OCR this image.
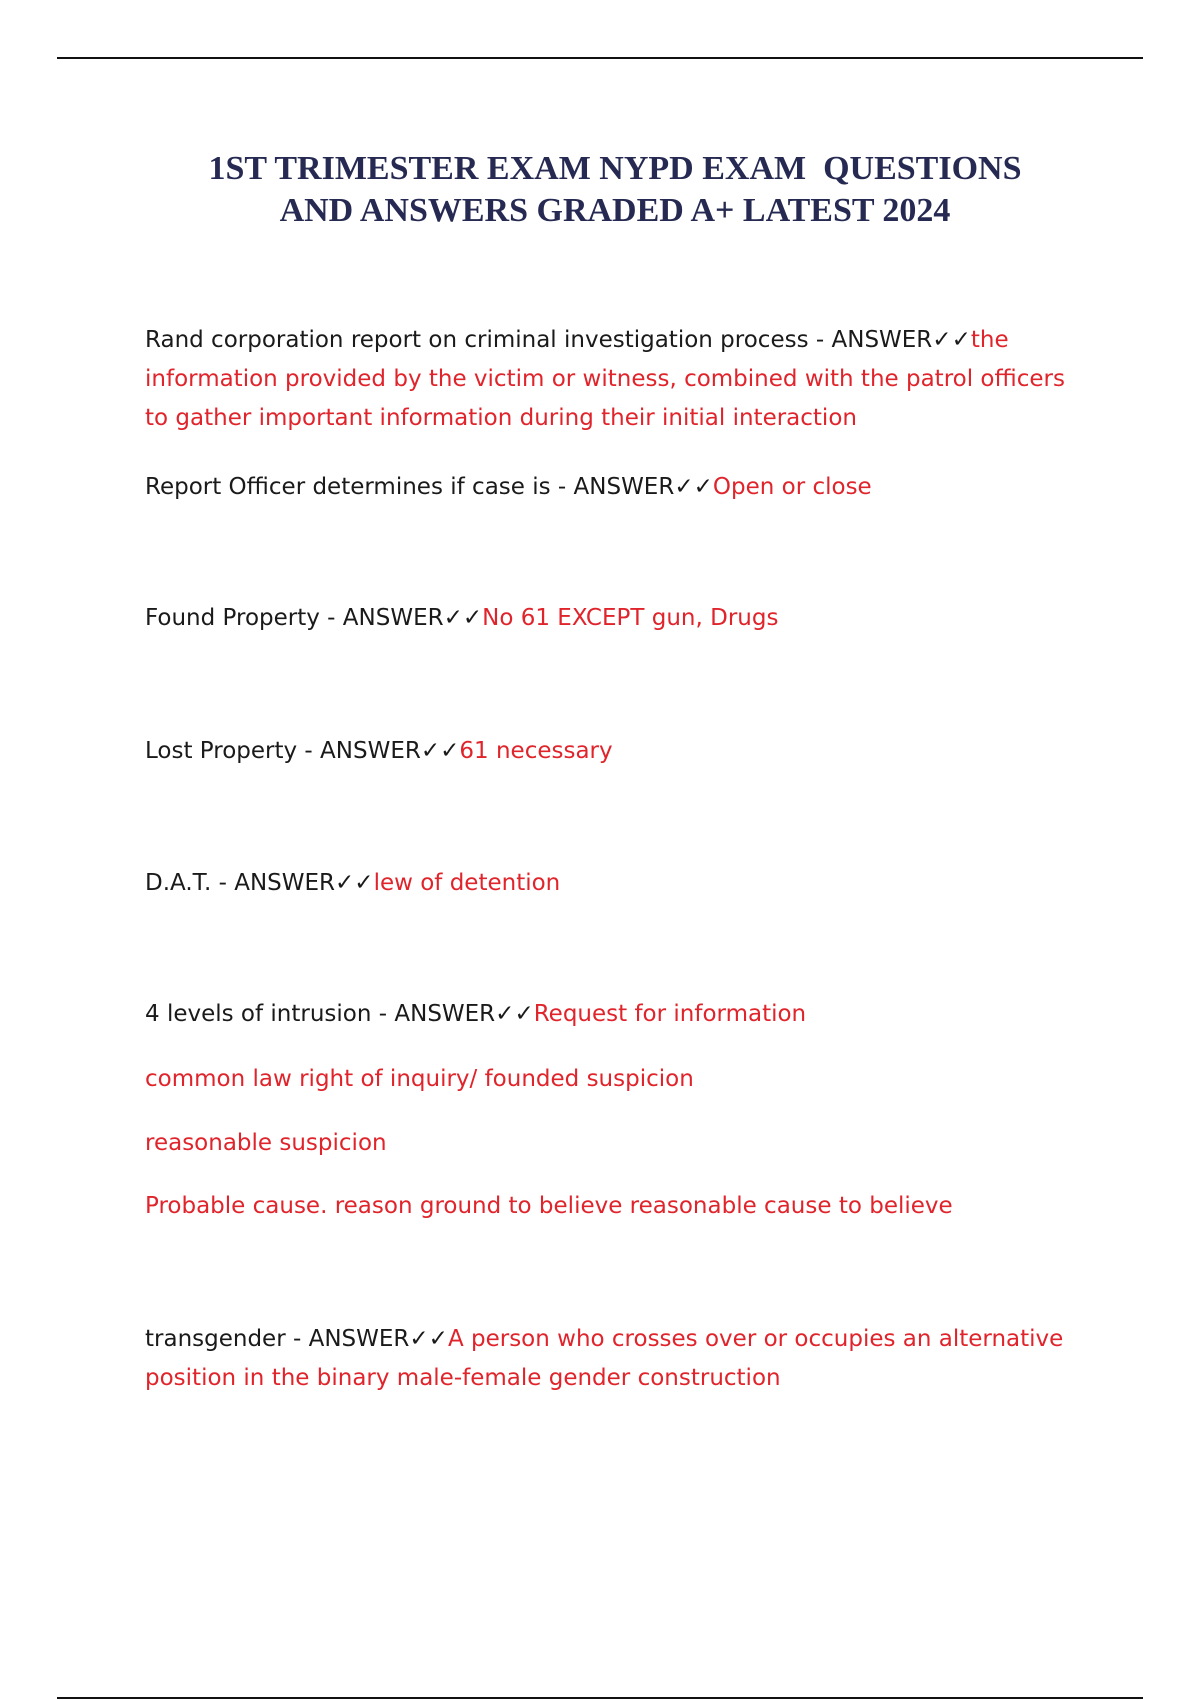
1ST TRIMESTER EXAM NYPD EXAM  QUESTIONS
AND ANSWERS GRADED A+ LATEST 2024

Rand corporation report on criminal investigation process - ANSWER✓✓the information provided by the victim or witness, combined with the patrol officers to gather important information during their initial interaction

Report Officer determines if case is - ANSWER✓✓Open or close

Found Property - ANSWER✓✓No 61 EXCEPT gun, Drugs

Lost Property - ANSWER✓✓61 necessary

D.A.T. - ANSWER✓✓lew of detention

4 levels of intrusion - ANSWER✓✓Request for information

common law right of inquiry/ founded suspicion

reasonable suspicion

Probable cause. reason ground to believe reasonable cause to believe

transgender - ANSWER✓✓A person who crosses over or occupies an alternative position in the binary male-female gender construction
